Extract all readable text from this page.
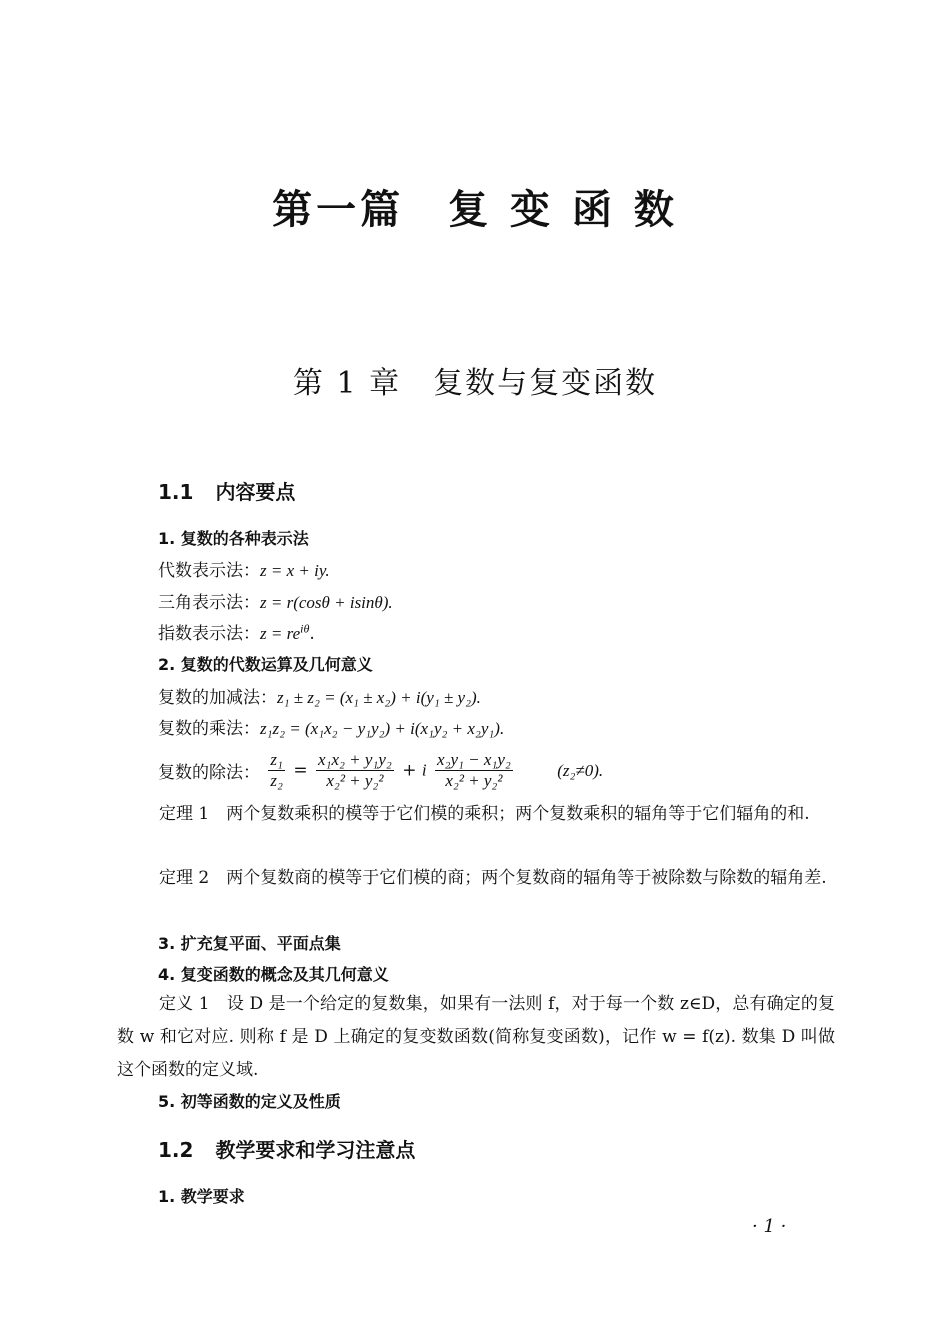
第一篇　复 变 函 数
第 1 章　复数与复变函数
1.1 内容要点
1. 复数的各种表示法
代数表示法：z = x + iy.
三角表示法：z = r(cosθ + isinθ).
指数表示法：$z = re^{i\theta}$.
2. 复数的代数运算及几何意义
复数的加减法：z₁ ± z₂ = (x₁ ± x₂) + i(y₁ ± y₂).
复数的乘法：z₁z₂ = (x₁x₂ − y₁y₂) + i(x₁y₂ + x₂y₁).
复数的除法： $\frac{\text{z₁}}{\text{z₂}} = \frac{\text{x₁x₂ + y₁y₂}}{\text{x₂² + y₂²}} + i \frac{\text{x₂y₁ − x₁y₂}}{\text{x₂² + y₂²}}$	(z₂≠0).
定理 1　两个复数乘积的模等于它们模的乘积；两个复数乘积的辐角等于它们辐角的和.
定理 2　两个复数商的模等于它们模的商；两个复数商的辐角等于被除数与除数的辐角差.
3. 扩充复平面、平面点集
4. 复变函数的概念及其几何意义
定义 1　设 D 是一个给定的复数集，如果有一法则 f，对于每一个数 z∈D，总有确定的复数 w 和它对应. 则称 f 是 D 上确定的复变数函数(简称复变函数)，记作 w = f(z). 数集 D 叫做这个函数的定义域.
5. 初等函数的定义及性质
1.2 教学要求和学习注意点
1. 教学要求
· 1 ·
